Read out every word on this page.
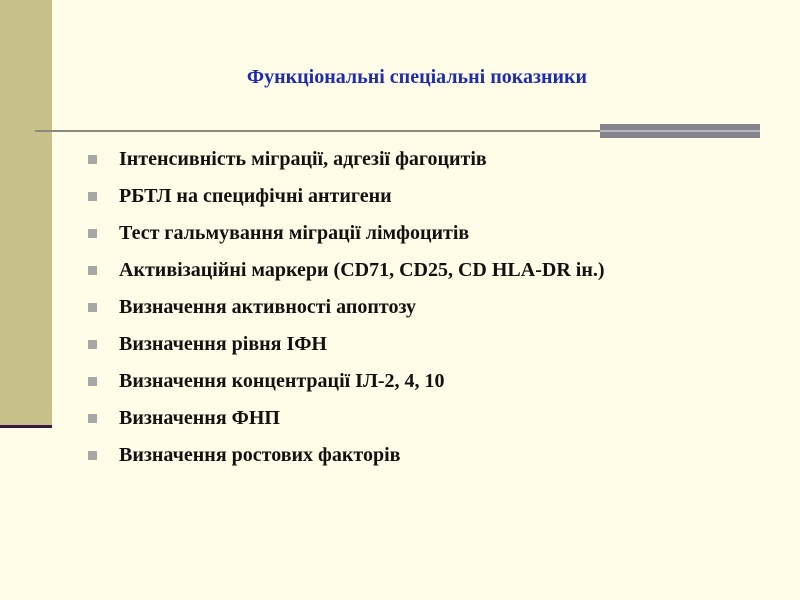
Функціональні спеціальні показники
Інтенсивність міграції, адгезії фагоцитів
РБТЛ на специфічні антигени
Тест гальмування міграції лімфоцитів
Активізаційні маркери (CD71, CD25, CD HLA-DR ін.)
Визначення активності апоптозу
Визначення рівня ІФН
Визначення концентрації ІЛ-2, 4, 10
Визначення ФНП
Визначення ростових факторів
